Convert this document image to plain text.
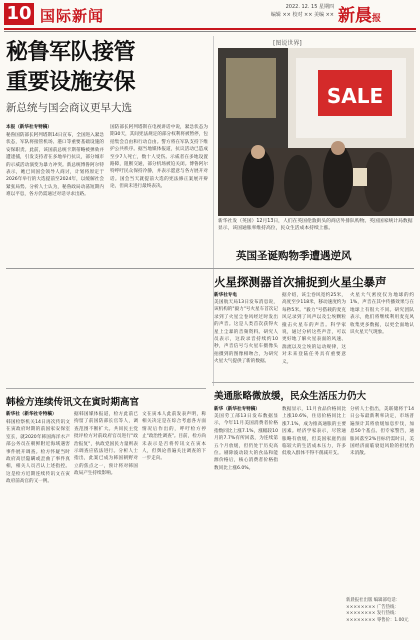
10 国际新闻	2022. 12. 15 星期四
编辑 ×× 校对 ×× 美编 ×× 新晨报
秘鲁军队接管
重要设施安保
新总统与国会商议更早大选
本报（新华社专特稿）
秘鲁国防部长阿列塔斯14日宣布，全国进入紧急状态，军队将接管机场、港口等重要基础设施的安保职责。此前，该国前总统卡斯蒂略被弹劾并遭逮捕，引发支持者在多地举行抗议，部分城市的示威活动演变为暴力冲突。新总统博鲁阿尔特表示，她已同国会领导人商讨，计划将原定于2026年举行的大选提前至2024年，以缓解社会紧张局势。分析人士认为，秘鲁政局动荡短期内难以平息，各方仍需通过对话寻求出路。
国防部长阿列塔斯在电视讲话中说，紧急状态为期30天，其间宪法规定的部分权利将被暂停，包括集会自由和行动自由。警方将在军队支持下维护公共秩序。据当地媒体报道，抗议活动已造成至少7人死亡，数十人受伤。示威者在多地设置路障，阻断交通，部分机场被迫关闭。博鲁阿尔特呼吁民众保持冷静，并表示愿意与各方展开对话。国会当天就提前大选的宪法修正案展开辩论，但尚未进行最终表决。
[图说世界]
SALE
新华社发（英国）12月13日，人们在英国伦敦街头的商店外排队购物。英国国家统计局数据显示，该国通胀率维持高位，民众生活成本持续上涨。
英国圣诞购物季遭遇逆风
火星探测器首次捕捉到火星尘暴声
新华社专电
美国航天局13日发布消息说，该机构的"毅力"号火星车首次记录到了火星尘卷风经过时发出的声音。这是人类首次获得火星上尘暴的音频资料。研究人员表示，这段录音持续约10秒，声音信号与火星车摄像头拍摄到的图像相吻合，为研究火星大气提供了新的数据。
据介绍，该尘卷风宽约25米，高度至少118米，移动速度约为每秒5米。"毅力"号搭载的麦克风记录到了风声以及尘埃颗粒撞击火星车的声音。科学家说，通过分析这些声音，可以更好地了解火星表面的风速、湍流以及尘埃的运动规律，这对未来登陆任务具有重要意义。
火星大气密度仅为地球的约1%，声音在其中传播效果与在地球上有很大不同。研究团队表示，他们将继续利用麦克风收集更多数据，以更全面地认识火星天气现象。
韩检方连续传讯文在寅时期高官
新华社（新华社专特稿）
韩国检察机关14日再次传讯文在寅政府时期的前国家安保室室长，就2020年韩国海洋水产部公务员在朝鲜附近海域遇害事件展开调查。检方怀疑当时政府高层隐瞒或歪曲了事件真相，相关人员否认上述指控。这是检方近期连续传讯文在寅政府前高官的又一例。
据韩国媒体报道，检方此前已拘留了前国防部长官等人，调查范围不断扩大。共同民主党批评检方对前政府官员进行"政治报复"，执政党国民力量则表示调查应依法进行。分析人士指出，此案已成为韩国朝野对立的焦点之一，预计将对韩国政局产生持续影响。
文在寅本人此前发表声明，称相关决定是在综合考虑各方面情况后作出的，呼吁检方停止"政治性调查"。目前，检方尚未表示是否将传讯文在寅本人，但舆论普遍关注调查的下一步走向。
美通胀略微放缓，民众生活压力仍大
新华（新华社专特稿）
美国劳工部13日发布数据显示，今年11月美国消费者价格指数同比上涨7.1%，涨幅较10月的7.7%有所回落，为连续第五个月放缓，但仍处于历史高位。剔除波动较大的食品和能源价格后，核心消费者价格指数同比上涨6.0%。
数据显示，11月食品价格同比上涨10.6%，住房价格同比上涨7.1%，成为推高通胀的主要因素。经济学家表示，尽管通胀略有放缓，但美国家庭仍面临较大的生活成本压力，许多低收入群体不得不削减开支。
分析人士指出，美联储将于14日公布最新利率决定，市场普遍预计其将放缓加息步伐，加息50个基点。但专家警告，通胀回落至2%目标仍需时日，美国经济面临衰退风险的担忧仍未消散。
新晨报社出版 编辑部电话：×××××××× 广告热线：×××××××× 发行热线：×××××××× 零售价：1.00元
